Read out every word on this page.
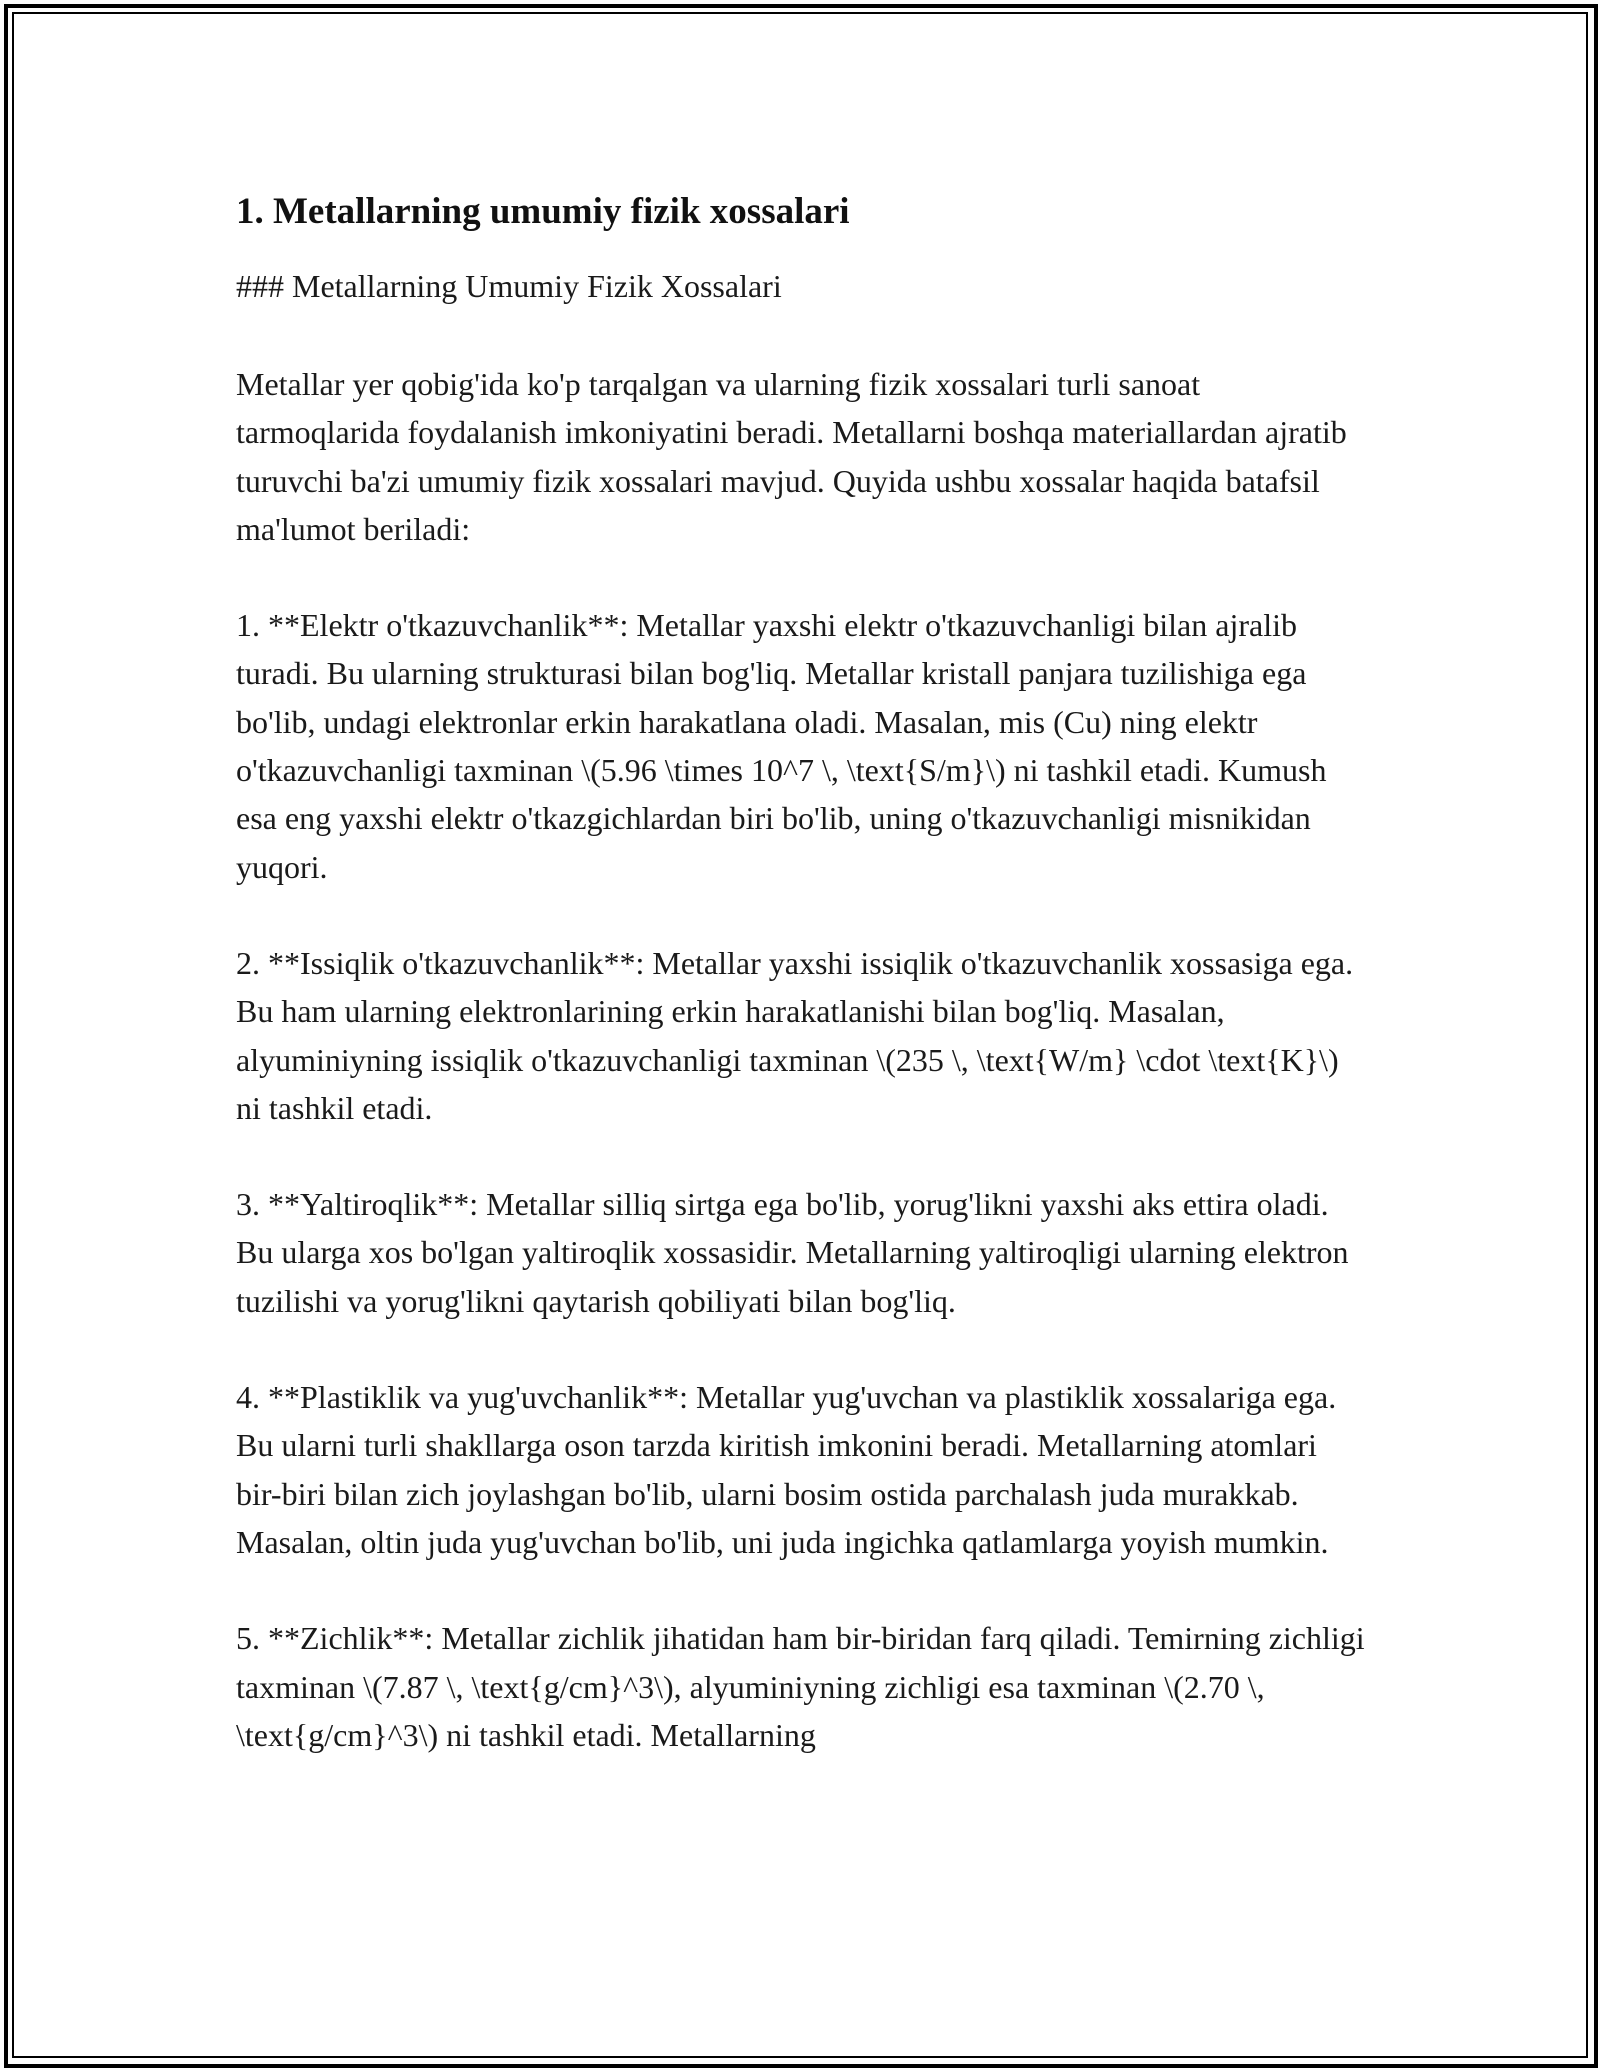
1. Metallarning umumiy fizik xossalari

### Metallarning Umumiy Fizik Xossalari

Metallar yer qobig'ida ko'p tarqalgan va ularning fizik xossalari turli sanoat tarmoqlarida foydalanish imkoniyatini beradi. Metallarni boshqa materiallardan ajratib turuvchi ba'zi umumiy fizik xossalari mavjud. Quyida ushbu xossalar haqida batafsil ma'lumot beriladi:

1. **Elektr o'tkazuvchanlik**: Metallar yaxshi elektr o'tkazuvchanligi bilan ajralib turadi. Bu ularning strukturasi bilan bog'liq. Metallar kristall panjara tuzilishiga ega bo'lib, undagi elektronlar erkin harakatlana oladi. Masalan, mis (Cu) ning elektr o'tkazuvchanligi taxminan \(5.96 \times 10^7 \, \text{S/m}\) ni tashkil etadi. Kumush esa eng yaxshi elektr o'tkazgichlardan biri bo'lib, uning o'tkazuvchanligi misnikidan yuqori.

2. **Issiqlik o'tkazuvchanlik**: Metallar yaxshi issiqlik o'tkazuvchanlik xossasiga ega. Bu ham ularning elektronlarining erkin harakatlanishi bilan bog'liq. Masalan, alyuminiyning issiqlik o'tkazuvchanligi taxminan \(235 \, \text{W/m} \cdot \text{K}\) ni tashkil etadi.

3. **Yaltiroqlik**: Metallar silliq sirtga ega bo'lib, yorug'likni yaxshi aks ettira oladi. Bu ularga xos bo'lgan yaltiroqlik xossasidir. Metallarning yaltiroqligi ularning elektron tuzilishi va yorug'likni qaytarish qobiliyati bilan bog'liq.

4. **Plastiklik va yug'uvchanlik**: Metallar yug'uvchan va plastiklik xossalariga ega. Bu ularni turli shakllarga oson tarzda kiritish imkonini beradi. Metallarning atomlari bir-biri bilan zich joylashgan bo'lib, ularni bosim ostida parchalash juda murakkab. Masalan, oltin juda yug'uvchan bo'lib, uni juda ingichka qatlamlarga yoyish mumkin.

5. **Zichlik**: Metallar zichlik jihatidan ham bir-biridan farq qiladi. Temirning zichligi taxminan \(7.87 \, \text{g/cm}^3\), alyuminiyning zichligi esa taxminan \(2.70 \, \text{g/cm}^3\) ni tashkil etadi. Metallarning
